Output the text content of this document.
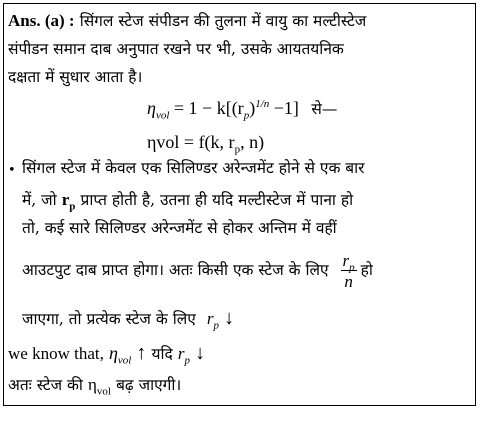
Ans. (a) : सिंगल स्टेज संपीडन की तुलना में वायु का मल्टीस्टेज
संपीडन समान दाब अनुपात रखने पर भी, उसके आयतयनिक
दक्षता में सुधार आता है।
$\eta_{vol} = 1 - k[(r_p)^{1/n} -1]$ से—
ηvol = f(k, $r_p$, n)
• सिंगल स्टेज में केवल एक सिलिण्डर अरेन्जमेंट होने से एक बार
में, जो $r_p$ प्राप्त होती है, उतना ही यदि मल्टीस्टेज में पाना हो
तो, कई सारे सिलिण्डर अरेन्जमेंट से होकर अन्तिम में वहीं
आउटपुट दाब प्राप्त होगा। अतः किसी एक स्टेज के लिए $\frac{r_p}{n}$ हो
जाएगा, तो प्रत्येक स्टेज के लिए $r_p$ ↓
we know that, $\eta_{vol}$ ↑ यदि $r_p$ ↓
अतः स्टेज की $\eta_{vol}$ बढ़ जाएगी।
